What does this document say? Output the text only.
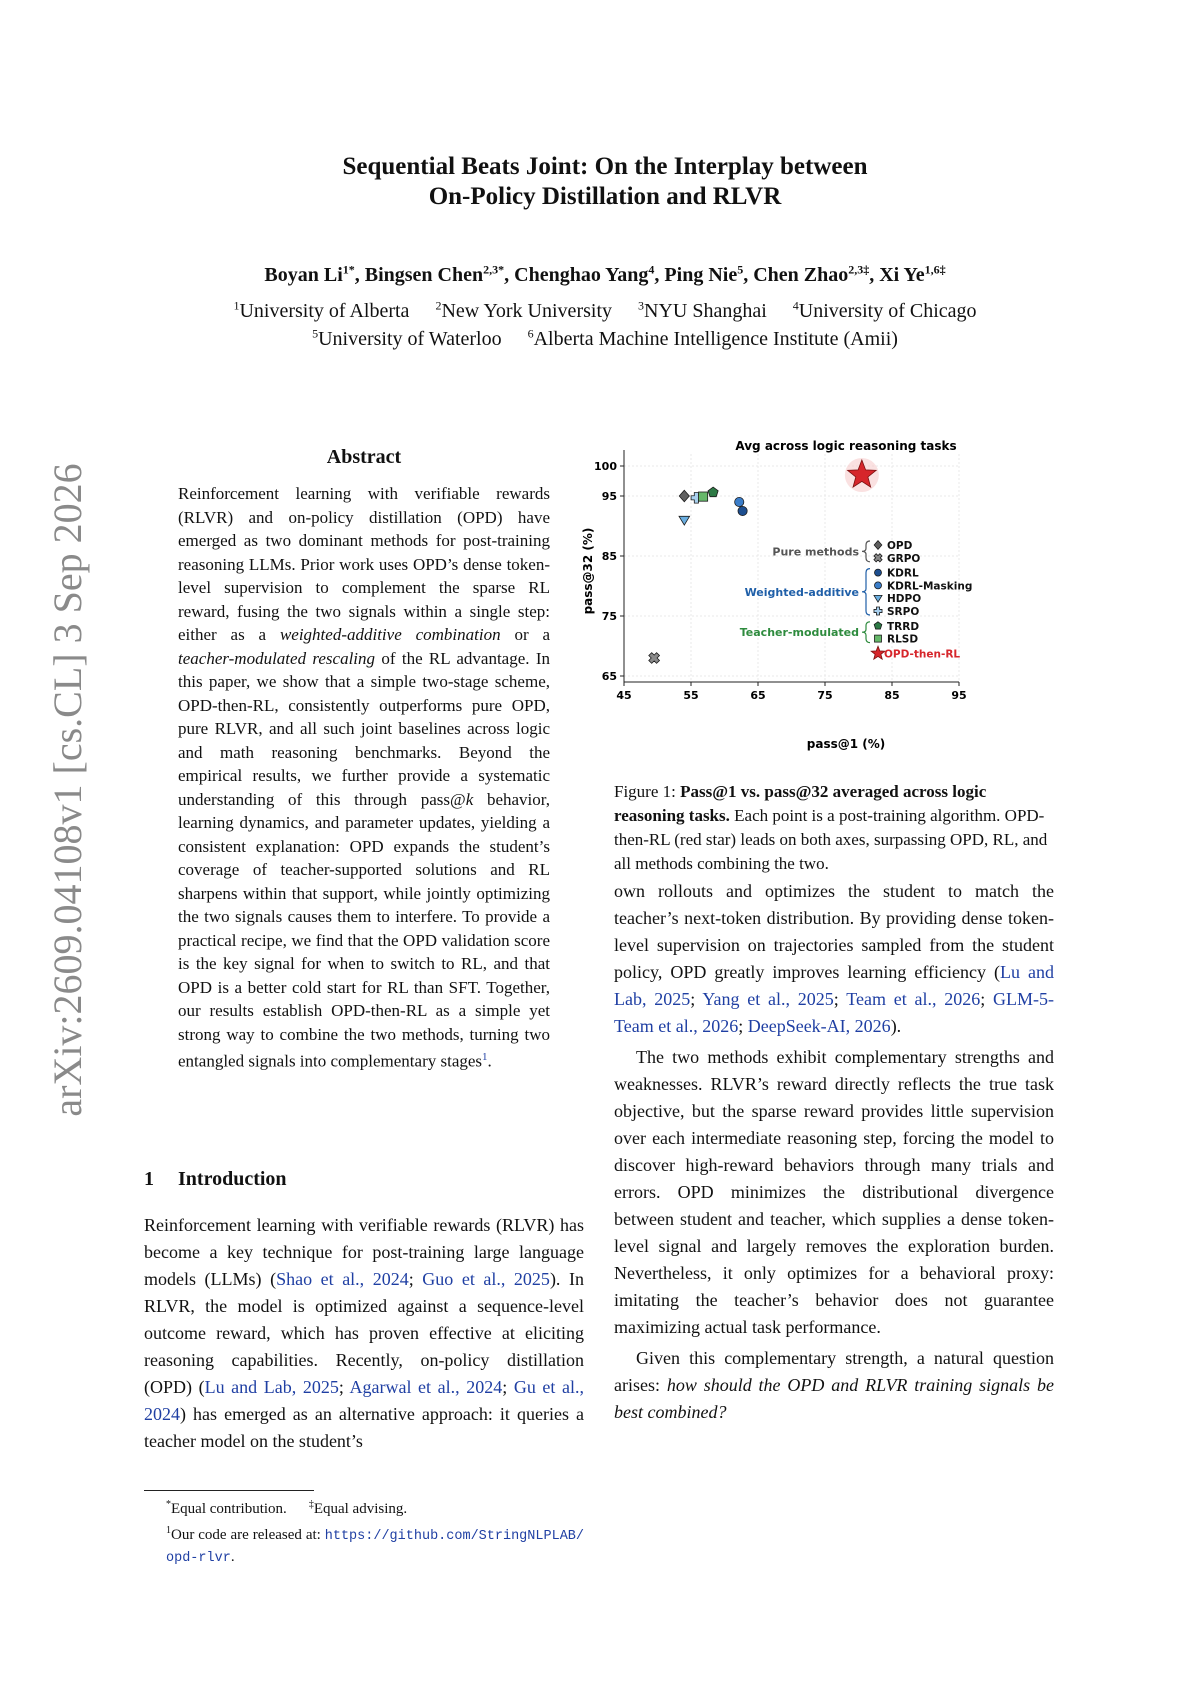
arXiv:2609.04108v1 [cs.CL] 3 Sep 2026
Sequential Beats Joint: On the Interplay between
On-Policy Distillation and RLVR
Boyan $Li^{1*}$, Bingsen Chen$^{2,3*}$, Chenghao Yang$^4$, Ping Nie$^5$, Chen Zhao$^{2,3\ddagger}$, Xi $Ye^{1,6\ddagger}$
$^1$University of Alberta $^2$New York University $^3$NYU Shanghai $^4$University of Chicago
$^5$University of Waterloo $^6$Alberta Machine Intelligence Institute (Amii)
Abstract
Reinforcement learning with verifiable rewards (RLVR) and on-policy distillation (OPD) have emerged as two dominant methods for post-training reasoning LLMs. Prior work uses OPD’s dense token-level supervision to complement the sparse RL reward, fusing the two signals within a single step: either as a weighted-additive combination or a teacher-modulated rescaling of the RL advantage. In this paper, we show that a simple two-stage scheme, OPD-then-RL, consistently outperforms pure OPD, pure RLVR, and all such joint baselines across logic and math reasoning benchmarks. Beyond the empirical results, we further provide a systematic understanding of this through pass@k behavior, learning dynamics, and parameter updates, yielding a consistent explanation: OPD expands the student’s coverage of teacher-supported solutions and RL sharpens within that support, while jointly optimizing the two signals causes them to interfere. To provide a practical recipe, we find that the OPD validation score is the key signal for when to switch to RL, and that OPD is a better cold start for RL than SFT. Together, our results establish OPD-then-RL as a simple yet strong way to combine the two methods, turning two entangled signals into complementary stages$^1$.
1 Introduction
Reinforcement learning with verifiable rewards (RLVR) has become a key technique for post-training large language models (LLMs) (Shao et al., 2024; Guo et al., 2025). In RLVR, the model is optimized against a sequence-level outcome reward, which has proven effective at eliciting reasoning capabilities. Recently, on-policy distillation (OPD) (Lu and Lab, 2025; Agarwal et al., 2024; Gu et al., 2024) has emerged as an alternative approach: it queries a teacher model on the student’s
*Equal contribution. ‡Equal advising.
$^1$Our code are released at: https://github.com/StringNLPLAB/opd-rlvr.
Avg across logic reasoning tasks
45	55	65	75	85	95
65
75
85
95
100
OPD
GRPO
Pure methods
KDRL
KDRL-Masking
HDPO
SRPO
Weighted-additive
TRRD
RLSD
Teacher-modulated
OPD-then-RL
pass@1 (%)
pass@32 (%)
Figure 1: Pass@1 vs. pass@32 averaged across logic reasoning tasks. Each point is a post-training algorithm. OPD-then-RL (red star) leads on both axes, surpassing OPD, RL, and all methods combining the two.

own rollouts and optimizes the student to match the teacher’s next-token distribution. By providing dense token-level supervision on trajectories sampled from the student policy, OPD greatly improves learning efficiency (Lu and Lab, 2025; Yang et al., 2025; Team et al., 2026; GLM-5-Team et al., 2026; DeepSeek-AI, 2026).

The two methods exhibit complementary strengths and weaknesses. RLVR’s reward directly reflects the true task objective, but the sparse reward provides little supervision over each intermediate reasoning step, forcing the model to discover high-reward behaviors through many trials and errors. OPD minimizes the distributional divergence between student and teacher, which supplies a dense token-level signal and largely removes the exploration burden. Nevertheless, it only optimizes for a behavioral proxy: imitating the teacher’s behavior does not guarantee maximizing actual task performance.

Given this complementary strength, a natural question arises: how should the OPD and RLVR training signals be best combined?
